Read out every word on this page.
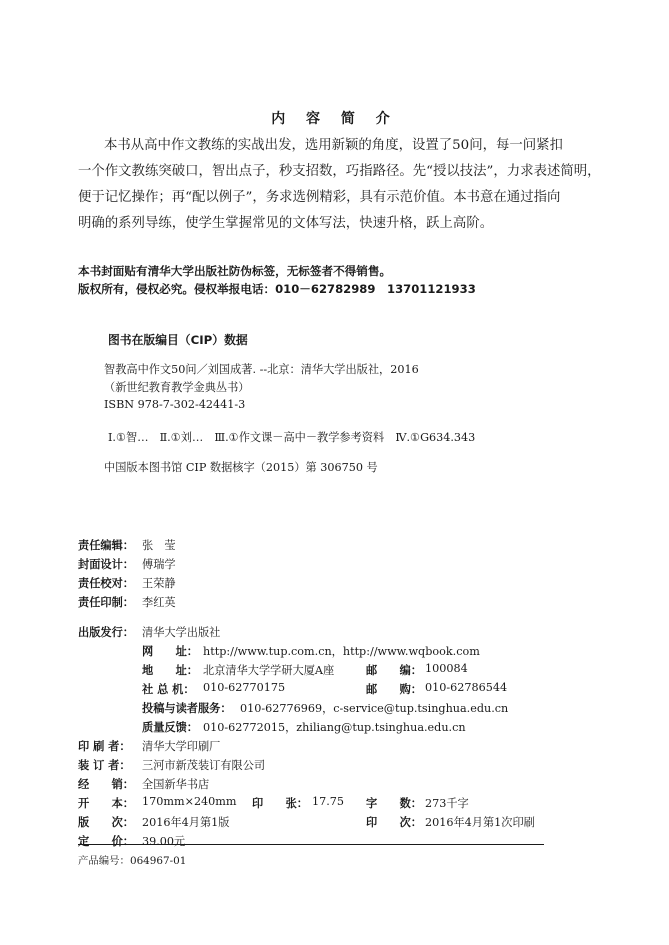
内 容 简 介
本书从高中作文教练的实战出发，选用新颖的角度，设置了50问，每一问紧扣
一个作文教练突破口，智出点子，秒支招数，巧指路径。先“授以技法”，力求表述简明，
便于记忆操作；再“配以例子”，务求选例精彩，具有示范价值。本书意在通过指向
明确的系列导练，使学生掌握常见的文体写法，快速升格，跃上高阶。
本书封面贴有清华大学出版社防伪标签，无标签者不得销售。
版权所有，侵权必究。侵权举报电话：010－62782989　13701121933
图书在版编目（CIP）数据
智教高中作文50问／刘国成著. --北京：清华大学出版社，2016
（新世纪教育教学金典丛书）
ISBN 978-7-302-42441-3
Ⅰ.①智…　Ⅱ.①刘…　Ⅲ.①作文课－高中－教学参考资料　Ⅳ.①G634.343
中国版本图书馆 CIP 数据核字（2015）第 306750 号
责任编辑： 张　莹
封面设计： 傅瑞学
责任校对： 王荣静
责任印制： 李红英
出版发行： 清华大学出版社
网　　址： http://www.tup.com.cn，http://www.wqbook.com
地　　址： 北京清华大学学研大厦A座	邮　　编： 100084
社 总 机： 010-62770175	邮　　购： 010-62786544
投稿与读者服务： 010-62776969，c-service@tup.tsinghua.edu.cn
质量反馈： 010-62772015，zhiliang@tup.tsinghua.edu.cn
印 刷 者： 清华大学印刷厂
装 订 者： 三河市新茂装订有限公司
经　　销： 全国新华书店
开　　本： 170mm×240mm 印　　张： 17.75 字　　数： 273千字
版　　次： 2016年4月第1版	印　　次： 2016年4月第1次印刷
定　　价： 39.00元
产品编号：064967-01
